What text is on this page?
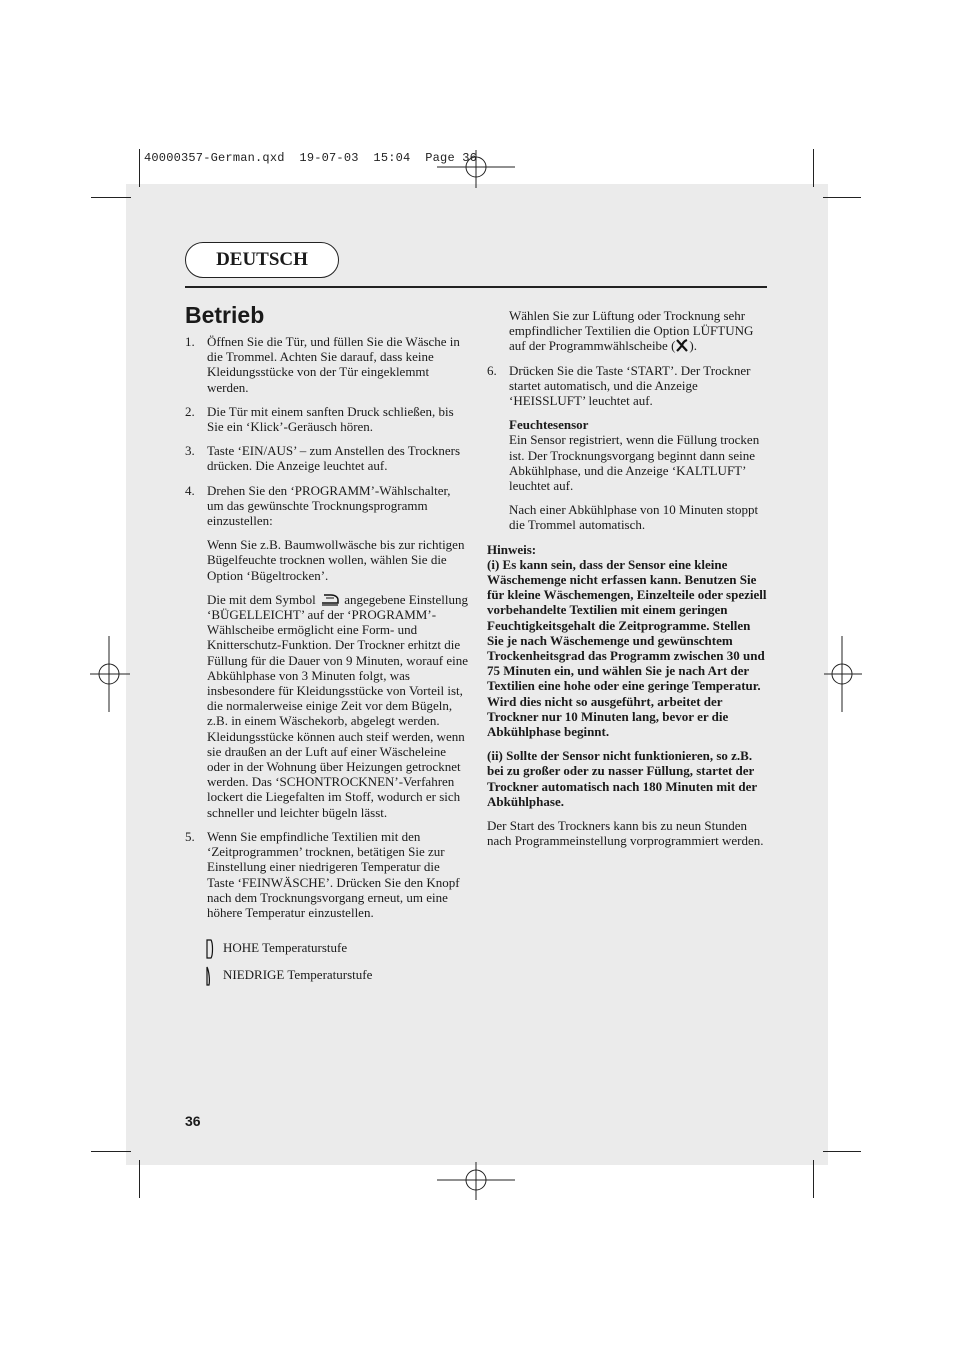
40000357-German.qxd  19-07-03  15:04  Page 36
DEUTSCH
Betrieb
1. Öffnen Sie die Tür, und füllen Sie die Wäsche in die Trommel. Achten Sie darauf, dass keine Kleidungsstücke von der Tür eingeklemmt werden.
2. Die Tür mit einem sanften Druck schließen, bis Sie ein ‘Klick’-Geräusch hören.
3. Taste ‘EIN/AUS’ – zum Anstellen des Trockners drücken. Die Anzeige leuchtet auf.
4. Drehen Sie den ‘PROGRAMM’-Wählschalter, um das gewünschte Trocknungsprogramm einzustellen:
Wenn Sie z.B. Baumwollwäsche bis zur richtigen Bügelfeuchte trocknen wollen, wählen Sie die Option ‘Bügeltrocken’.
Die mit dem Symbol angegebene Einstellung ‘BÜGELLEICHT’ auf der ‘PROGRAMM’-Wählscheibe ermöglicht eine Form- und Knitterschutz-Funktion. Der Trockner erhitzt die Füllung für die Dauer von 9 Minuten, worauf eine Abkühlphase von 3 Minuten folgt, was insbesondere für Kleidungsstücke von Vorteil ist, die normalerweise einige Zeit vor dem Bügeln, z.B. in einem Wäschekorb, abgelegt werden. Kleidungsstücke können auch steif werden, wenn sie draußen an der Luft auf einer Wäscheleine oder in der Wohnung über Heizungen getrocknet werden. Das ‘SCHONTROCKNEN’-Verfahren lockert die Liegefalten im Stoff, wodurch er sich schneller und leichter bügeln lässt.
5. Wenn Sie empfindliche Textilien mit den ‘Zeitprogrammen’ trocknen, betätigen Sie zur Einstellung einer niedrigeren Temperatur die Taste ‘FEINWÄSCHE’. Drücken Sie den Knopf nach dem Trocknungsvorgang erneut, um eine höhere Temperatur einzustellen.
HOHE Temperaturstufe
NIEDRIGE Temperaturstufe
Wählen Sie zur Lüftung oder Trocknung sehr empfindlicher Textilien die Option LÜFTUNG auf der Programmwählscheibe ( ).
6. Drücken Sie die Taste ‘START’. Der Trockner startet automatisch, und die Anzeige ‘HEISSLUFT’ leuchtet auf.
Feuchtesensor
Ein Sensor registriert, wenn die Füllung trocken ist. Der Trocknungsvorgang beginnt dann seine Abkühlphase, und die Anzeige ‘KALTLUFT’ leuchtet auf.
Nach einer Abkühlphase von 10 Minuten stoppt die Trommel automatisch.
Hinweis:
(i) Es kann sein, dass der Sensor eine kleine Wäschemenge nicht erfassen kann. Benutzen Sie für kleine Wäschemengen, Einzelteile oder speziell vorbehandelte Textilien mit einem geringen Feuchtigkeitsgehalt die Zeitprogramme. Stellen Sie je nach Wäschemenge und gewünschtem Trockenheitsgrad das Programm zwischen 30 und 75 Minuten ein, und wählen Sie je nach Art der Textilien eine hohe oder eine geringe Temperatur. Wird dies nicht so ausgeführt, arbeitet der Trockner nur 10 Minuten lang, bevor er die Abkühlphase beginnt.
(ii) Sollte der Sensor nicht funktionieren, so z.B. bei zu großer oder zu nasser Füllung, startet der Trockner automatisch nach 180 Minuten mit der Abkühlphase.
Der Start des Trockners kann bis zu neun Stunden nach Programmeinstellung vorprogrammiert werden.
36
